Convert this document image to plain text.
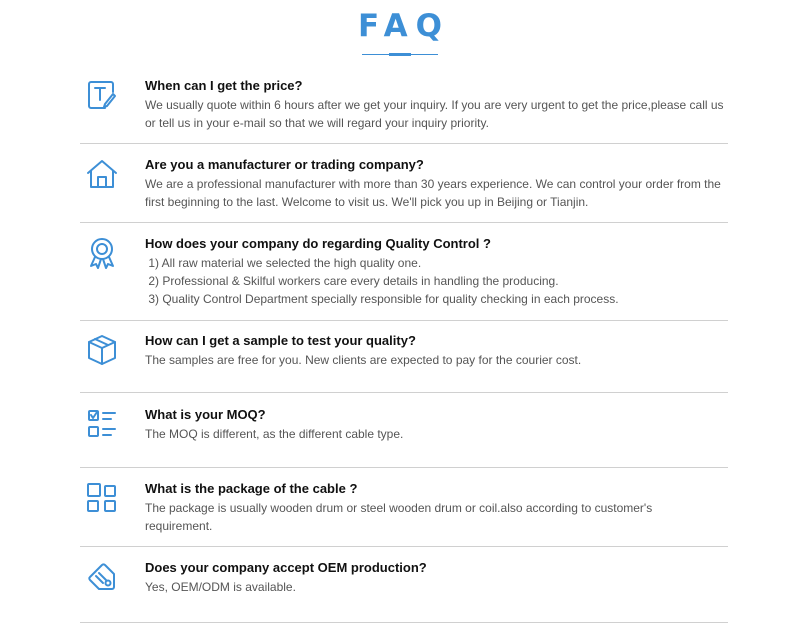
FAQ
When can I get the price?
We usually quote within 6 hours after we get your inquiry. If you are very urgent to get the price,please call us
or tell us in your e-mail so that we will regard your inquiry priority.
Are you a manufacturer or trading company?
We are a professional manufacturer with more than 30 years experience. We can control your order from the
first beginning to the last. Welcome to visit us. We'll pick you up in Beijing or Tianjin.
How does your company do regarding Quality Control ?
1) All raw material we selected the high quality one.
2) Professional & Skilful workers care every details in handling the producing.
3) Quality Control Department specially responsible for quality checking in each process.
How can I get a sample to test your quality?
The samples are free for you. New clients are expected to pay for the courier cost.
What is your MOQ?
The MOQ is different, as the different cable type.
What is the package of the cable ?
The package is usually wooden drum or steel wooden drum or coil.also according to customer's
requirement.
Does your company accept OEM production?
Yes, OEM/ODM is available.
